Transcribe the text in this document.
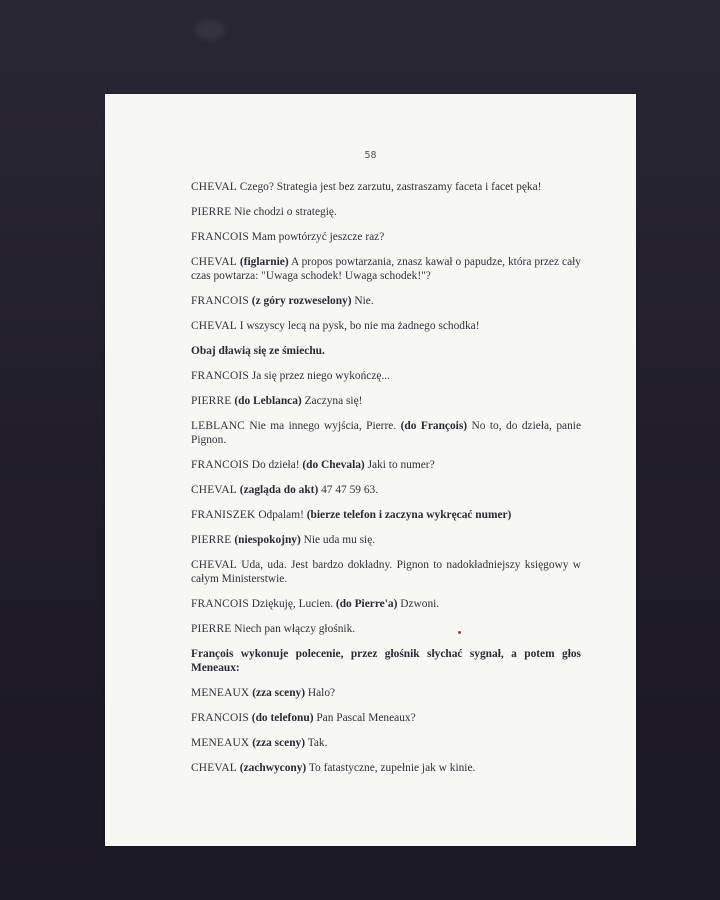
58

CHEVAL Czego? Strategia jest bez zarzutu, zastraszamy faceta i facet pęka!

PIERRE Nie chodzi o strategię.

FRANCOIS Mam powtórzyć jeszcze raz?

CHEVAL (figlarnie) A propos powtarzania, znasz kawał o papudze, która przez cały czas powtarza: "Uwaga schodek! Uwaga schodek!"?

FRANCOIS (z góry rozweselony) Nie.

CHEVAL I wszyscy lecą na pysk, bo nie ma żadnego schodka!

Obaj dławią się ze śmiechu.

FRANCOIS Ja się przez niego wykończę...

PIERRE (do Leblanca) Zaczyna się!

LEBLANC Nie ma innego wyjścia, Pierre. (do François) No to, do dzieła, panie Pignon.

FRANCOIS Do dzieła! (do Chevala) Jaki to numer?

CHEVAL (zagląda do akt) 47 47 59 63.

FRANISZEK Odpalam! (bierze telefon i zaczyna wykręcać numer)

PIERRE (niespokojny) Nie uda mu się.

CHEVAL Uda, uda. Jest bardzo dokładny. Pignon to nadokładniejszy księgowy w całym Ministerstwie.

FRANCOIS Dziękuję, Lucien. (do Pierre'a) Dzwoni.

PIERRE Niech pan włączy głośnik.

François wykonuje polecenie, przez głośnik słychać sygnał, a potem głos Meneaux:

MENEAUX (zza sceny) Halo?

FRANCOIS (do telefonu) Pan Pascal Meneaux?

MENEAUX (zza sceny) Tak.

CHEVAL (zachwycony) To fatastyczne, zupełnie jak w kinie.
